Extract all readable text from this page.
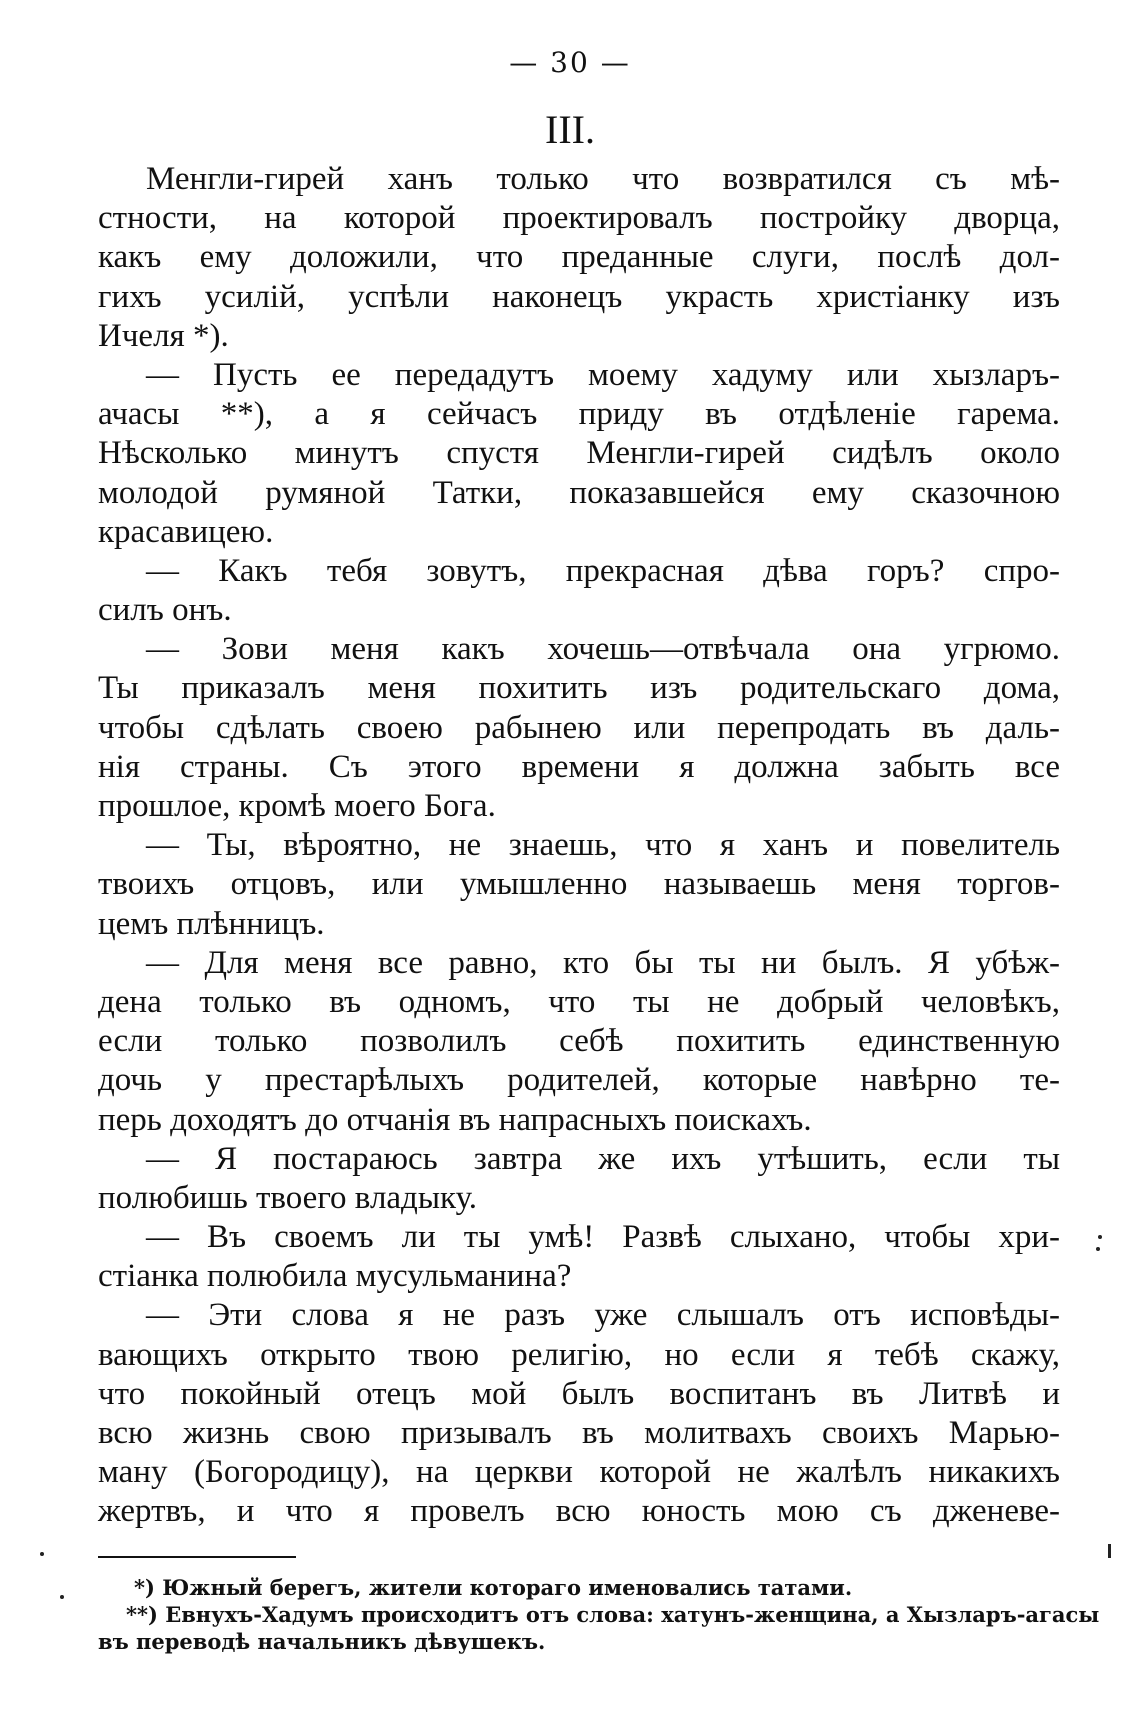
— 30 —
III.
Менгли-гирей ханъ только что возвратился съ мѣ-
стности, на которой проектировалъ постройку дворца,
какъ ему доложили, что преданные слуги, послѣ дол-
гихъ усилій, успѣли наконецъ украсть христіанку изъ
Ичеля *).
— Пусть ее передадутъ моему хадуму или хызларъ-
ачасы **), а я сейчасъ приду въ отдѣленіе гарема.
Нѣсколько минутъ спустя Менгли-гирей сидѣлъ около
молодой румяной Татки, показавшейся ему сказочною
красавицею.
— Какъ тебя зовутъ, прекрасная дѣва горъ? спро-
силъ онъ.
— Зови меня какъ хочешь—отвѣчала она угрюмо.
Ты приказалъ меня похитить изъ родительскаго дома,
чтобы сдѣлать своею рабынею или перепродать въ даль-
нія страны. Съ этого времени я должна забыть все
прошлое, кромѣ моего Бога.
— Ты, вѣроятно, не знаешь, что я ханъ и повелитель
твоихъ отцовъ, или умышленно называешь меня торгов-
цемъ плѣнницъ.
— Для меня все равно, кто бы ты ни былъ. Я убѣж-
дена только въ одномъ, что ты не добрый человѣкъ,
если только позволилъ себѣ похитить единственную
дочь у престарѣлыхъ родителей, которые навѣрно те-
перь доходятъ до отчанія въ напрасныхъ поискахъ.
— Я постараюсь завтра же ихъ утѣшить, если ты
полюбишь твоего владыку.
— Въ своемъ ли ты умѣ! Развѣ слыхано, чтобы хри-
стіанка полюбила мусульманина?
— Эти слова я не разъ уже слышалъ отъ исповѣды-
вающихъ открыто твою религію, но если я тебѣ скажу,
что покойный отецъ мой былъ воспитанъ въ Литвѣ и
всю жизнь свою призывалъ въ молитвахъ своихъ Марью-
ману (Богородицу), на церкви которой не жалѣлъ никакихъ
жертвъ, и что я провелъ всю юность мою съ дженеве-
*) Южный берегъ, жители котораго именовались татами.
**) Евнухъ-Хадумъ происходитъ отъ слова: хатунъ-женщина, а Хызларъ-агасы
въ переводѣ начальникъ дѣвушекъ.
